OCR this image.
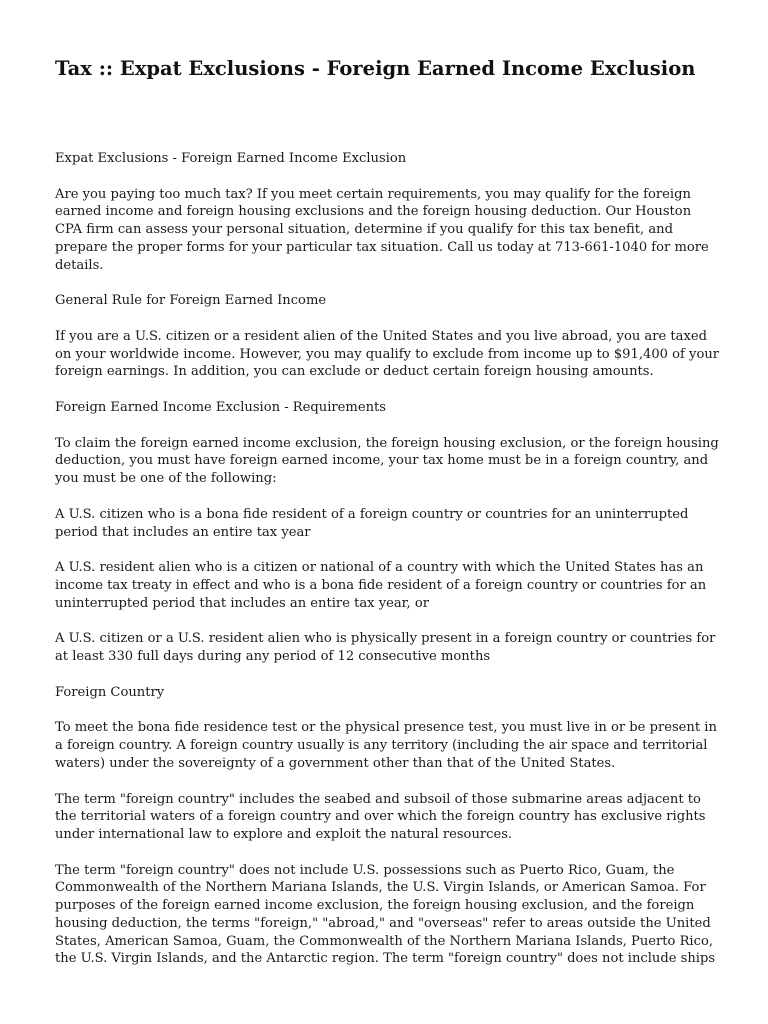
Tax :: Expat Exclusions - Foreign Earned Income Exclusion

Expat Exclusions - Foreign Earned Income Exclusion

Are you paying too much tax? If you meet certain requirements, you may qualify for the foreign earned income and foreign housing exclusions and the foreign housing deduction. Our Houston CPA firm can assess your personal situation, determine if you qualify for this tax benefit, and prepare the proper forms for your particular tax situation. Call us today at 713-661-1040 for more details.

General Rule for Foreign Earned Income

If you are a U.S. citizen or a resident alien of the United States and you live abroad, you are taxed on your worldwide income. However, you may qualify to exclude from income up to $91,400 of your foreign earnings. In addition, you can exclude or deduct certain foreign housing amounts.

Foreign Earned Income Exclusion - Requirements

To claim the foreign earned income exclusion, the foreign housing exclusion, or the foreign housing deduction, you must have foreign earned income, your tax home must be in a foreign country, and you must be one of the following:

A U.S. citizen who is a bona fide resident of a foreign country or countries for an uninterrupted period that includes an entire tax year

A U.S. resident alien who is a citizen or national of a country with which the United States has an income tax treaty in effect and who is a bona fide resident of a foreign country or countries for an uninterrupted period that includes an entire tax year, or

A U.S. citizen or a U.S. resident alien who is physically present in a foreign country or countries for at least 330 full days during any period of 12 consecutive months

Foreign Country

To meet the bona fide residence test or the physical presence test, you must live in or be present in a foreign country. A foreign country usually is any territory (including the air space and territorial waters) under the sovereignty of a government other than that of the United States.

The term "foreign country" includes the seabed and subsoil of those submarine areas adjacent to the territorial waters of a foreign country and over which the foreign country has exclusive rights under international law to explore and exploit the natural resources.

The term "foreign country" does not include U.S. possessions such as Puerto Rico, Guam, the Commonwealth of the Northern Mariana Islands, the U.S. Virgin Islands, or American Samoa. For purposes of the foreign earned income exclusion, the foreign housing exclusion, and the foreign housing deduction, the terms "foreign," "abroad," and "overseas" refer to areas outside the United States, American Samoa, Guam, the Commonwealth of the Northern Mariana Islands, Puerto Rico, the U.S. Virgin Islands, and the Antarctic region. The term "foreign country" does not include ships
